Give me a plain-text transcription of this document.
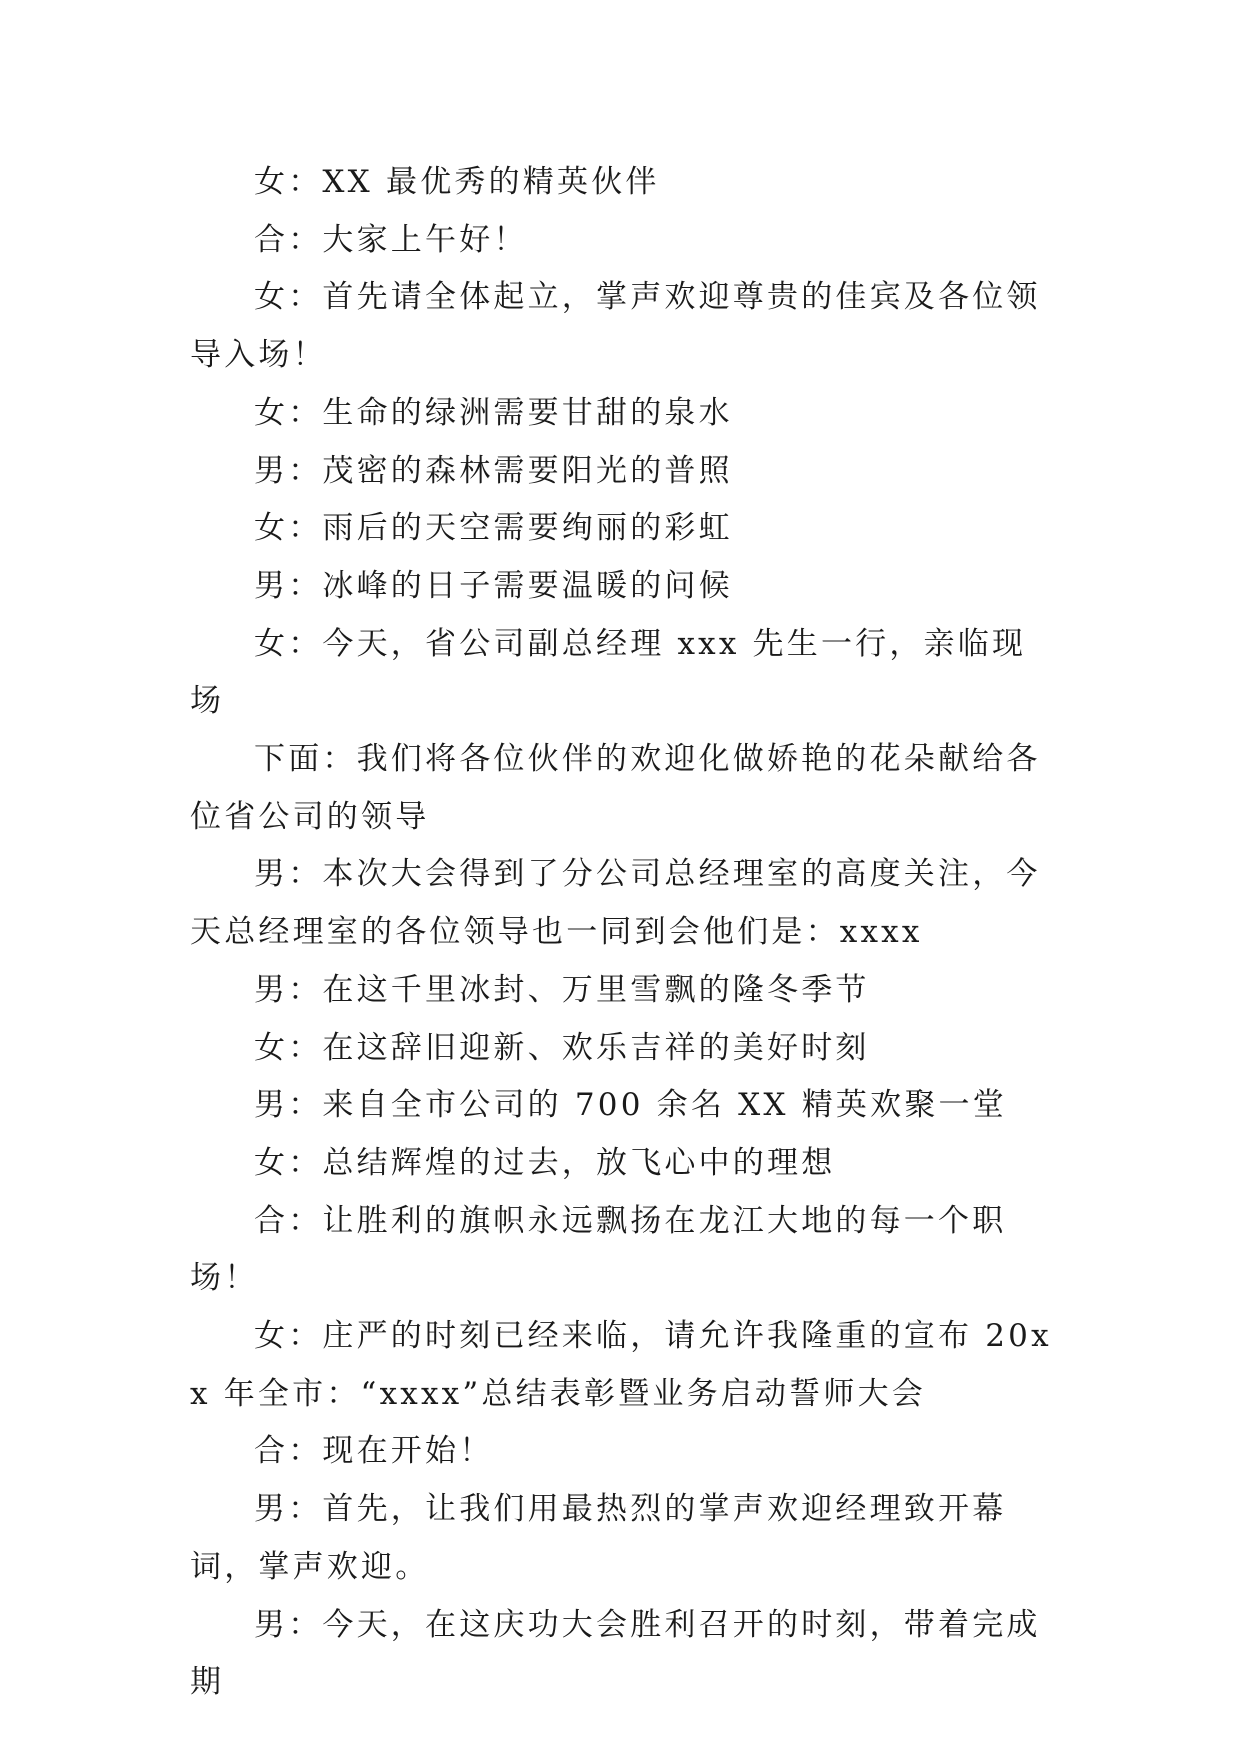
女：XX 最优秀的精英伙伴

合：大家上午好！

女：首先请全体起立，掌声欢迎尊贵的佳宾及各位领导入场！

女：生命的绿洲需要甘甜的泉水

男：茂密的森林需要阳光的普照

女：雨后的天空需要绚丽的彩虹

男：冰峰的日子需要温暖的问候

女：今天，省公司副总经理 xxx 先生一行，亲临现场

下面：我们将各位伙伴的欢迎化做娇艳的花朵献给各位省公司的领导

男：本次大会得到了分公司总经理室的高度关注，今天总经理室的各位领导也一同到会他们是：xxxx

男：在这千里冰封、万里雪飘的隆冬季节

女：在这辞旧迎新、欢乐吉祥的美好时刻

男：来自全市公司的 700 余名 XX 精英欢聚一堂

女：总结辉煌的过去，放飞心中的理想

合：让胜利的旗帜永远飘扬在龙江大地的每一个职场！

女：庄严的时刻已经来临，请允许我隆重的宣布 20xx 年全市：“xxxx”总结表彰暨业务启动誓师大会

合：现在开始！

男：首先，让我们用最热烈的掌声欢迎经理致开幕词，掌声欢迎。

男：今天，在这庆功大会胜利召开的时刻，带着完成期
